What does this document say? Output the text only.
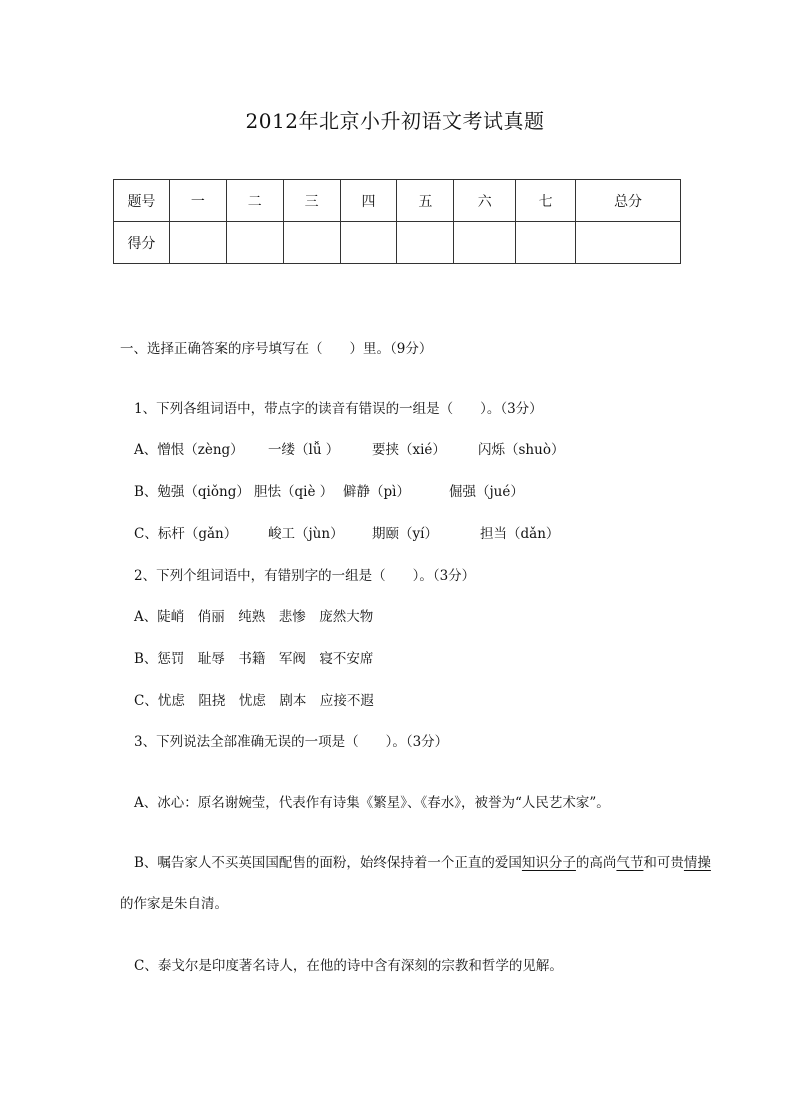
2012年北京小升初语文考试真题
题号	一	二	三	四	五	六	七	总分
得分								
一、选择正确答案的序号填写在（　　）里。（9分）
1、下列各组词语中，带点字的读音有错误的一组是（　　）。（3分）
A、憎恨（zèng） 一缕（lǚ ） 要挟（xié） 闪烁（shuò）
B、勉强（qiǒng） 胆怯（qiè ） 僻静（pì）	倔强（jué）
C、标杆（gǎn） 峻工（jùn） 期颐（yí）	担当（dǎn）
2、下列个组词语中，有错别字的一组是（　　）。（3分）
A、陡峭　俏丽　纯熟　悲惨　庞然大物
B、惩罚　耻辱　书籍　军阀　寝不安席
C、忧虑　阻挠　忧虑　剧本　应接不遐
3、下列说法全部准确无误的一项是（　　）。（3分）
A、冰心：原名谢婉莹，代表作有诗集《繁星》、《春水》，被誉为“人民艺术家”。
B、嘱告家人不买英国国配售的面粉，始终保持着一个正直的爱国知识分子的高尚气节和可贵情操
的作家是朱自清。
C、泰戈尔是印度著名诗人，在他的诗中含有深刻的宗教和哲学的见解。
